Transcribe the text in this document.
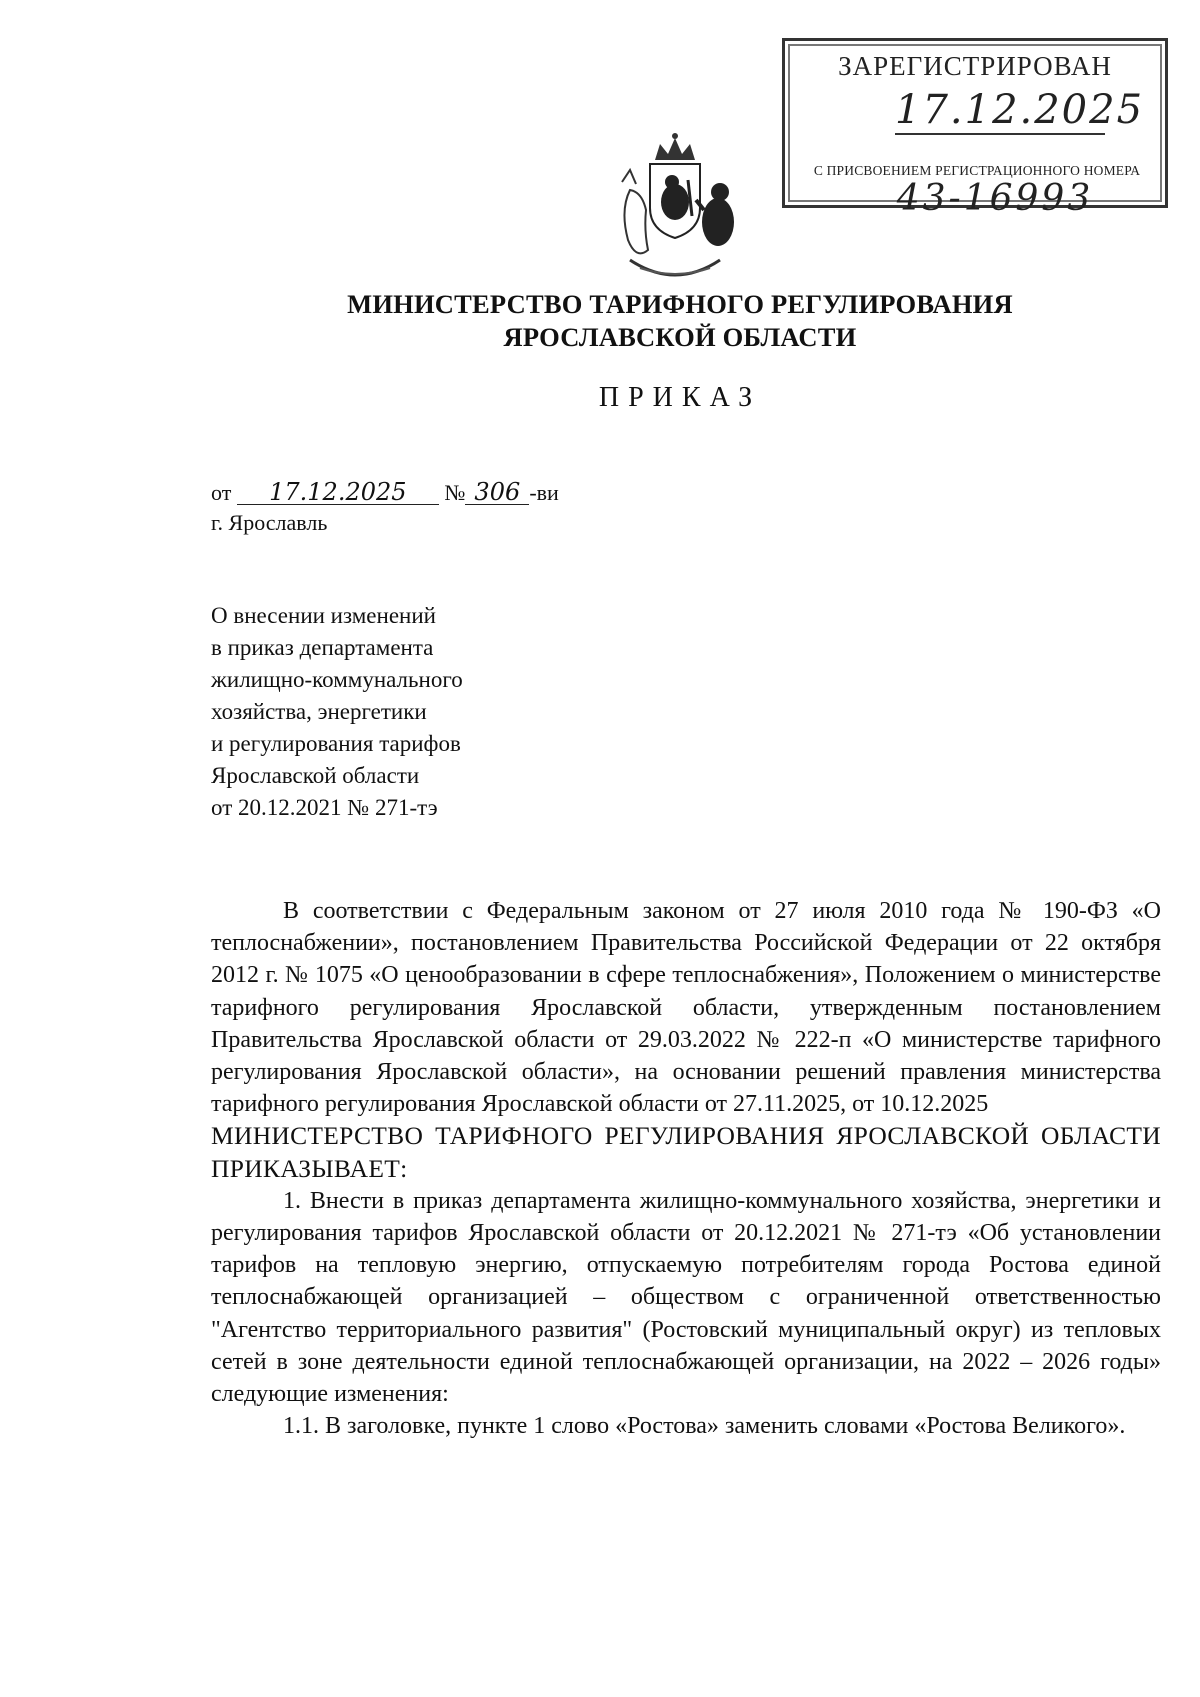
ЗАРЕГИСТРИРОВАН
17.12.2025
С ПРИСВОЕНИЕМ РЕГИСТРАЦИОННОГО НОМЕРА
43-16993
МИНИСТЕРСТВО ТАРИФНОГО РЕГУЛИРОВАНИЯ
ЯРОСЛАВСКОЙ ОБЛАСТИ
ПРИКАЗ
от 17.12.2025 № 306 -ви
г. Ярославль
О внесении изменений
в приказ департамента
жилищно-коммунального
хозяйства, энергетики
и регулирования тарифов
Ярославской области
от 20.12.2021 № 271-тэ

В соответствии с Федеральным законом от 27 июля 2010 года № 190-ФЗ «О теплоснабжении», постановлением Правительства Российской Федерации от 22 октября 2012 г. № 1075 «О ценообразовании в сфере теплоснабжения», Положением о министерстве тарифного регулирования Ярославской области, утвержденным постановлением Правительства Ярославской области от 29.03.2022 № 222-п «О министерстве тарифного регулирования Ярославской области», на основании решений правления министерства тарифного регулирования Ярославской области от 27.11.2025, от 10.12.2025

МИНИСТЕРСТВО ТАРИФНОГО РЕГУЛИРОВАНИЯ ЯРОСЛАВСКОЙ ОБЛАСТИ ПРИКАЗЫВАЕТ:

1. Внести в приказ департамента жилищно-коммунального хозяйства, энергетики и регулирования тарифов Ярославской области от 20.12.2021 № 271-тэ «Об установлении тарифов на тепловую энергию, отпускаемую потребителям города Ростова единой теплоснабжающей организацией – обществом с ограниченной ответственностью "Агентство территориального развития" (Ростовский муниципальный округ) из тепловых сетей в зоне деятельности единой теплоснабжающей организации, на 2022 – 2026 годы» следующие изменения:

1.1. В заголовке, пункте 1 слово «Ростова» заменить словами «Ростова Великого».
